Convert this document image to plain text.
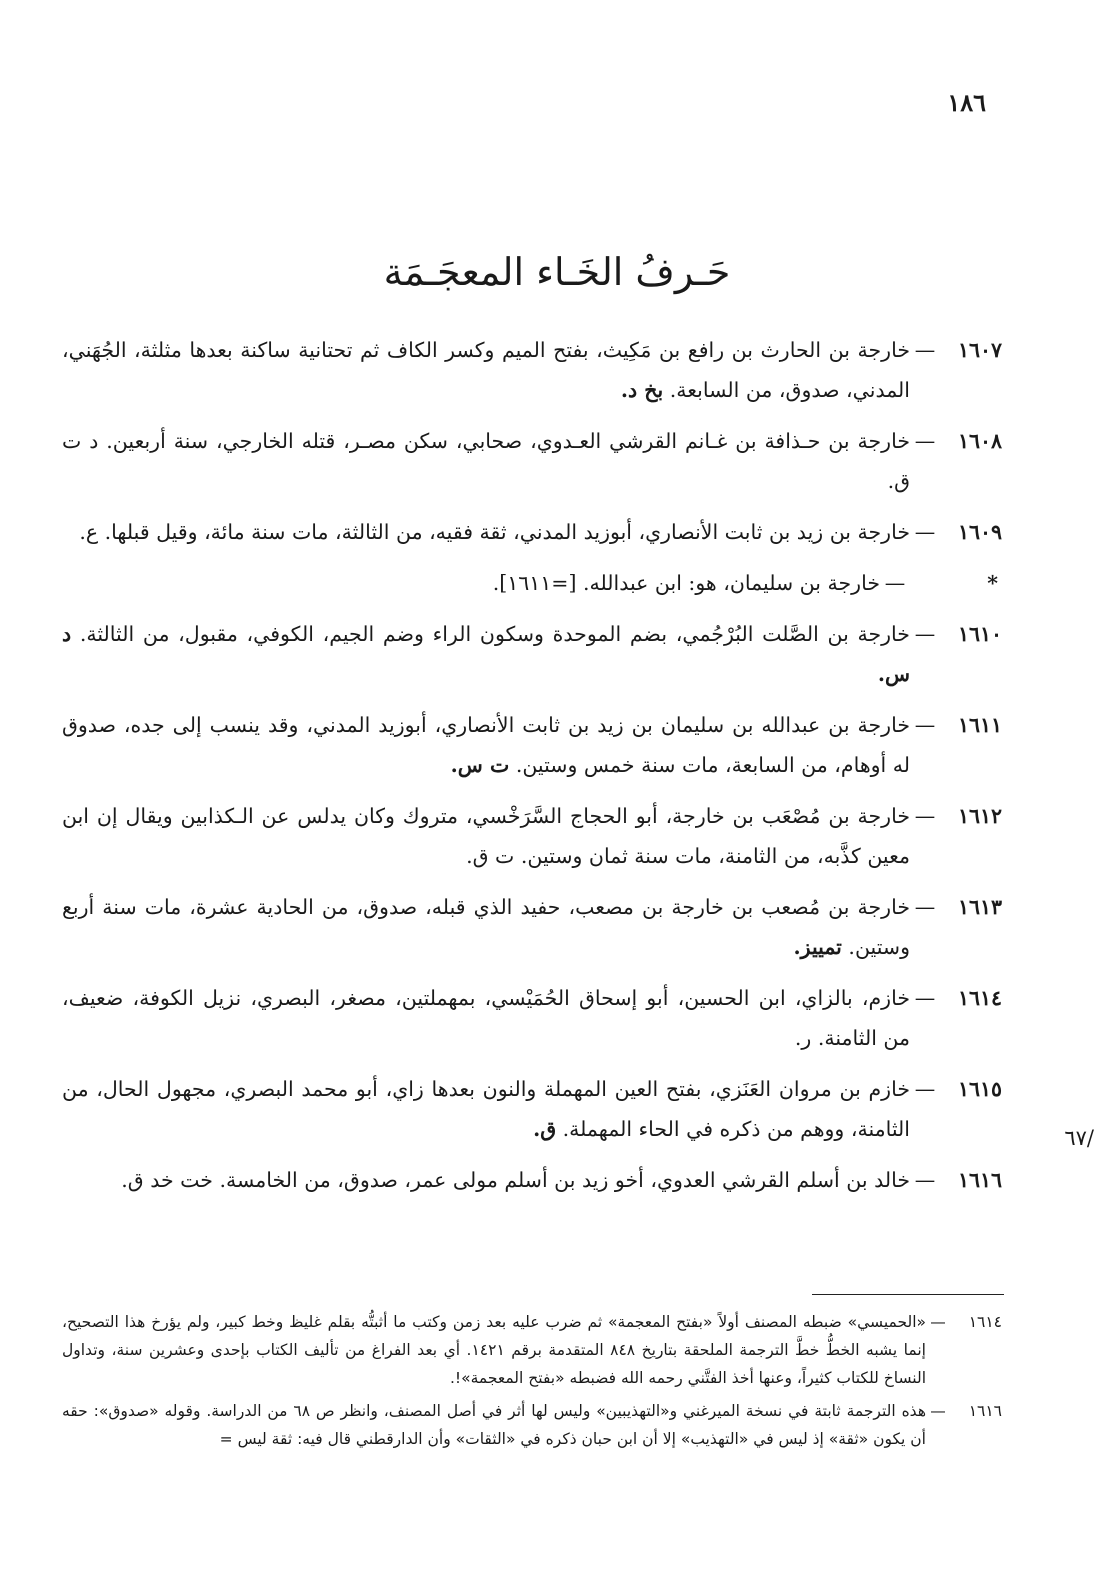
١٨٦
حَـرفُ الخَـاء المعجَـمَة
١٦٠٧
—
خارجة بن الحارث بن رافع بن مَكِيث، بفتح الميم وكسر الكاف ثم تحتانية ساكنة بعدها مثلثة، الجُهَني، المدني، صدوق، من السابعة. بخ د.
١٦٠٨
—
خارجة بن حـذافة بن غـانم القرشي العـدوي، صحابي، سكن مصـر، قتله الخارجي، سنة أربعين. د ت ق.
١٦٠٩
—
خارجة بن زيد بن ثابت الأنصاري، أبوزيد المدني، ثقة فقيه، من الثالثة، مات سنة مائة، وقيل قبلها. ع.
*
—
خارجة بن سليمان، هو: ابن عبدالله. [=١٦١١].
١٦١٠
—
خارجة بن الصَّلت البُرْجُمي، بضم الموحدة وسكون الراء وضم الجيم، الكوفي، مقبول، من الثالثة. د س.
١٦١١
—
خارجة بن عبدالله بن سليمان بن زيد بن ثابت الأنصاري، أبوزيد المدني، وقد ينسب إلى جده، صدوق له أوهام، من السابعة، مات سنة خمس وستين. ت س.
١٦١٢
—
خارجة بن مُصْعَب بن خارجة، أبو الحجاج السَّرَخْسي، متروك وكان يدلس عن الـكذابين ويقال إن ابن معين كذَّبه، من الثامنة، مات سنة ثمان وستين. ت ق.
١٦١٣
—
خارجة بن مُصعب بن خارجة بن مصعب، حفيد الذي قبله، صدوق، من الحادية عشرة، مات سنة أربع وستين. تمييز.
١٦١٤
—
خازم، بالزاي، ابن الحسين، أبو إسحاق الحُمَيْسي، بمهملتين، مصغر، البصري، نزيل الكوفة، ضعيف، من الثامنة. ر.
١٦١٥
—
خازم بن مروان العَنَزي، بفتح العين المهملة والنون بعدها زاي، أبو محمد البصري، مجهول الحال، من الثامنة، ووهم من ذكره في الحاء المهملة. ق.
١٦١٦
—
خالد بن أسلم القرشي العدوي، أخو زيد بن أسلم مولى عمر، صدوق، من الخامسة. خت خد ق.
/٦٧
١٦١٤
—
«الحميسي» ضبطه المصنف أولاً «بفتح المعجمة» ثم ضرب عليه بعد زمن وكتب ما أثبتُّه بقلم غليظ وخط كبير، ولم يؤرخ هذا التصحيح، إنما يشبه الخطُّ خطَّ الترجمة الملحقة بتاريخ ٨٤٨ المتقدمة برقم ١٤٢١. أي بعد الفراغ من تأليف الكتاب بإحدى وعشرين سنة، وتداول النساخ للكتاب كثيراً، وعنها أخذ الفتَّني رحمه الله فضبطه «بفتح المعجمة»!.
١٦١٦
—
هذه الترجمة ثابتة في نسخة الميرغني و«التهذيبين» وليس لها أثر في أصل المصنف، وانظر ص ٦٨ من الدراسة. وقوله «صدوق»: حقه أن يكون «ثقة» إذ ليس في «التهذيب» إلا أن ابن حبان ذكره في «الثقات» وأن الدارقطني قال فيه: ثقة ليس =
